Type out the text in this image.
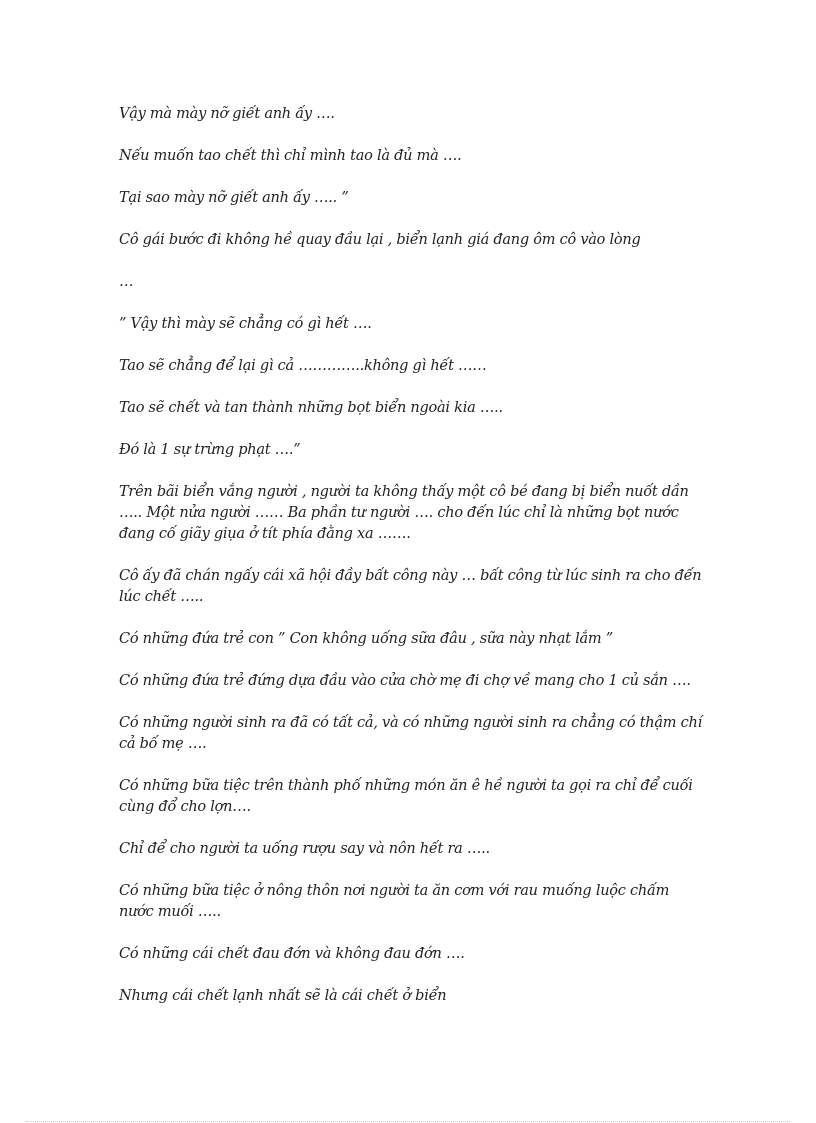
Vậy mà mày nỡ giết anh ấy ….

Nếu muốn tao chết thì chỉ mình tao là đủ mà ….

Tại sao mày nỡ giết anh ấy ….. ”

Cô gái bước đi không hề quay đầu lại , biển lạnh giá đang ôm cô vào lòng

…

” Vậy thì mày sẽ chẳng có gì hết ….

Tao sẽ chẳng để lại gì cả …………..không gì hết ……

Tao sẽ chết và tan thành những bọt biển ngoài kia …..

Đó là 1 sự trừng phạt ….”

Trên bãi biển vắng người , người ta không thấy một cô bé đang bị biển nuốt dần ….. Một nửa người …… Ba phần tư người …. cho đến lúc chỉ là những bọt nước đang cố giãy giụa ở tít phía đằng xa …….

Cô ấy đã chán ngấy cái xã hội đầy bất công này … bất công từ lúc sinh ra cho đến lúc chết …..

Có những đứa trẻ con ” Con không uống sữa đâu , sữa này nhạt lắm ”

Có những đứa trẻ đứng dựa đầu vào cửa chờ mẹ đi chợ về mang cho 1 củ sắn ….

Có những người sinh ra đã có tất cả, và có những người sinh ra chẳng có thậm chí cả bố mẹ ….

Có những bữa tiệc trên thành phố những món ăn ê hề người ta gọi ra chỉ để cuối cùng đổ cho lợn….

Chỉ để cho người ta uống rượu say và nôn hết ra …..

Có những bữa tiệc ở nông thôn nơi người ta ăn cơm với rau muống luộc chấm nước muối …..

Có những cái chết đau đớn và không đau đớn ….

Nhưng cái chết lạnh nhất sẽ là cái chết ở biển
